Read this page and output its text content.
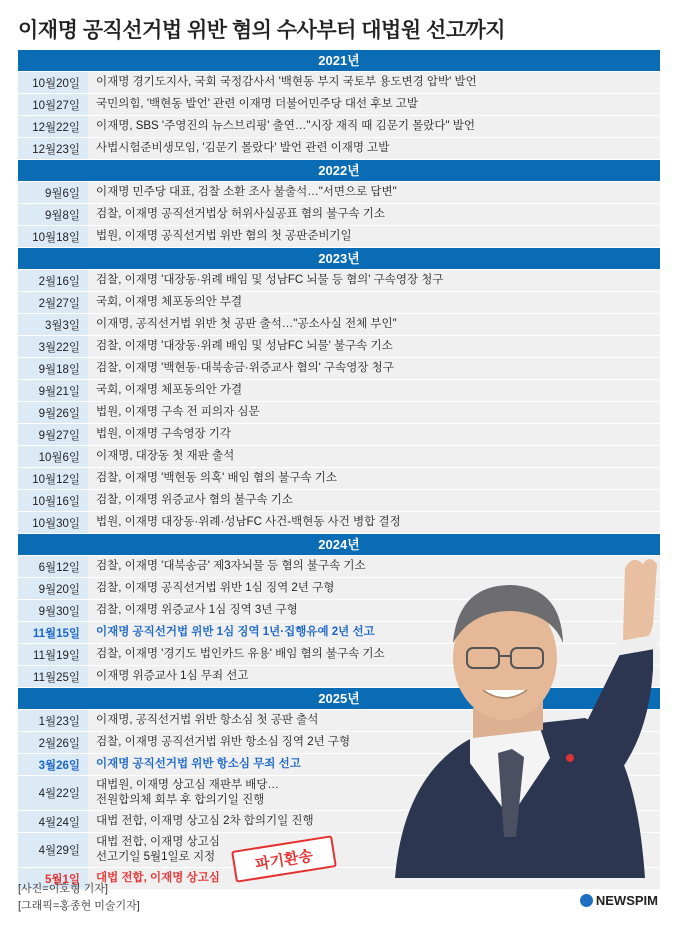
이재명 공직선거법 위반 혐의 수사부터 대법원 선고까지
2021년
10월20일	이재명 경기도지사, 국회 국정감사서 '백현동 부지 국토부 용도변경 압박' 발언
10월27일	국민의힘, '백현동 발언' 관련 이재명 더불어민주당 대선 후보 고발
12월22일	이재명, SBS '주영진의 뉴스브리핑' 출연…"시장 재직 때 김문기 몰랐다" 발언
12월23일	사법시험준비생모임, '김문기 몰랐다' 발언 관련 이재명 고발
2022년
9월6일	이재명 민주당 대표, 검찰 소환 조사 불출석…"서면으로 답변"
9월8일	검찰, 이재명 공직선거법상 허위사실공표 혐의 불구속 기소
10월18일	법원, 이재명 공직선거법 위반 혐의 첫 공판준비기일
2023년
2월16일	검찰, 이재명 '대장동·위례 배임 및 성남FC 뇌물 등 혐의' 구속영장 청구
2월27일	국회, 이재명 체포동의안 부결
3월3일	이재명, 공직선거법 위반 첫 공판 출석…"공소사실 전체 부인"
3월22일	검찰, 이재명 '대장동·위례 배임 및 성남FC 뇌물' 불구속 기소
9월18일	검찰, 이재명 '백현동·대북송금·위증교사 혐의' 구속영장 청구
9월21일	국회, 이재명 체포동의안 가결
9월26일	법원, 이재명 구속 전 피의자 심문
9월27일	법원, 이재명 구속영장 기각
10월6일	이재명, 대장동 첫 재판 출석
10월12일	검찰, 이재명 '백현동 의혹' 배임 혐의 불구속 기소
10월16일	검찰, 이재명 위증교사 혐의 불구속 기소
10월30일	법원, 이재명 대장동·위례·성남FC 사건-백현동 사건 병합 결정
2024년
6월12일	검찰, 이재명 '대북송금' 제3자뇌물 등 혐의 불구속 기소
9월20일	검찰, 이재명 공직선거법 위반 1심 징역 2년 구형
9월30일	검찰, 이재명 위증교사 1심 징역 3년 구형
11월15일	이재명 공직선거법 위반 1심 징역 1년·집행유예 2년 선고
11월19일	검찰, 이재명 '경기도 법인카드 유용' 배임 혐의 불구속 기소
11월25일	이재명 위증교사 1심 무죄 선고
2025년
1월23일	이재명, 공직선거법 위반 항소심 첫 공판 출석
2월26일	검찰, 이재명 공직선거법 위반 항소심 징역 2년 구형
3월26일	이재명 공직선거법 위반 항소심 무죄 선고
4월22일
대법원, 이재명 상고심 재판부 배당…
전원합의체 회부 후 합의기일 진행
4월24일	대법 전합, 이재명 상고심 2차 합의기일 진행
4월29일
대법 전합, 이재명 상고심
선고기일 5월1일로 지정
5월1일	대법 전합, 이재명 상고심
파기환송
[사진=이호형 기자]
[그래픽=홍종현 미술기자]	NEWSPIM
